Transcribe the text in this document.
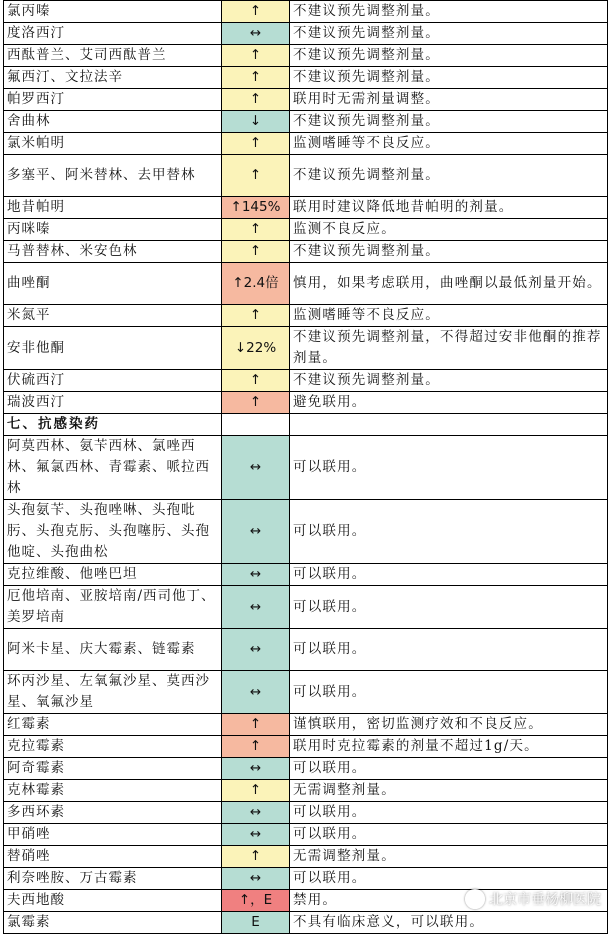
氯丙嗪	↑	不建议预先调整剂量。
度洛西汀	↔	不建议预先调整剂量。
西酞普兰、艾司西酞普兰	↑	不建议预先调整剂量。
氟西汀、文拉法辛	↑	不建议预先调整剂量。
帕罗西汀	↑	联用时无需剂量调整。
舍曲林	↓	不建议预先调整剂量。
氯米帕明	↑	监测嗜睡等不良反应。
多塞平、阿米替林、去甲替林	↑	不建议预先调整剂量。
地昔帕明	↑145%	联用时建议降低地昔帕明的剂量。
丙咪嗪	↑	监测不良反应。
马普替林、米安色林	↑	不建议预先调整剂量。
曲唑酮	↑2.4倍	慎用，如果考虑联用，曲唑酮以最低剂量开始。
米氮平	↑	监测嗜睡等不良反应。
安非他酮	↓22%	不建议预先调整剂量，不得超过安非他酮的推荐剂量。
伏硫西汀	↑	不建议预先调整剂量。
瑞波西汀	↑	避免联用。
七、抗感染药		
阿莫西林、氨苄西林、氯唑西林、氟氯西林、青霉素、哌拉西林	↔	可以联用。
头孢氨苄、头孢唑啉、头孢吡肟、头孢克肟、头孢噻肟、头孢他啶、头孢曲松	↔	可以联用。
克拉维酸、他唑巴坦	↔	可以联用。
厄他培南、亚胺培南/西司他丁、美罗培南	↔	可以联用。
阿米卡星、庆大霉素、链霉素	↔	可以联用。
环丙沙星、左氧氟沙星、莫西沙星、氧氟沙星	↔	可以联用。
红霉素	↑	谨慎联用，密切监测疗效和不良反应。
克拉霉素	↑	联用时克拉霉素的剂量不超过1g/天。
阿奇霉素	↔	可以联用。
克林霉素	↑	无需调整剂量。
多西环素	↔	可以联用。
甲硝唑	↔	可以联用。
替硝唑	↑	无需调整剂量。
利奈唑胺、万古霉素	↔	可以联用。
夫西地酸	↑，E	禁用。
氯霉素	E	不具有临床意义，可以联用。
北京市垂杨柳医院
